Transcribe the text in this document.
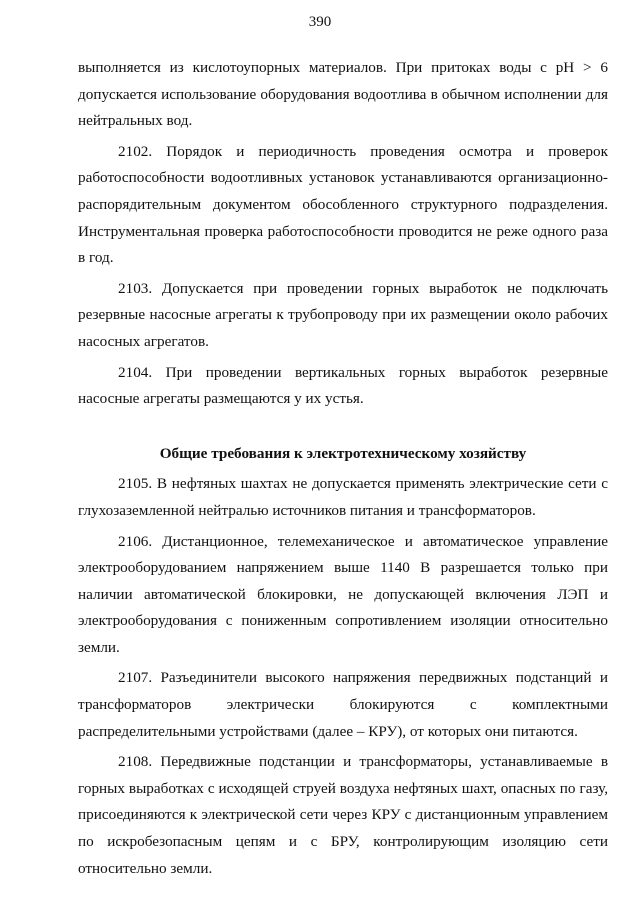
390

выполняется из кислотоупорных материалов. При притоках воды с pH > 6 допускается использование оборудования водоотлива в обычном исполнении для нейтральных вод.

2102. Порядок и периодичность проведения осмотра и проверок работоспособности водоотливных установок устанавливаются организационно-распорядительным документом обособленного структурного подразделения. Инструментальная проверка работоспособности проводится не реже одного раза в год.

2103. Допускается при проведении горных выработок не подключать резервные насосные агрегаты к трубопроводу при их размещении около рабочих насосных агрегатов.

2104. При проведении вертикальных горных выработок резервные насосные агрегаты размещаются у их устья.

Общие требования к электротехническому хозяйству

2105. В нефтяных шахтах не допускается применять электрические сети с глухозаземленной нейтралью источников питания и трансформаторов.

2106. Дистанционное, телемеханическое и автоматическое управление электрооборудованием напряжением выше 1140 В разрешается только при наличии автоматической блокировки, не допускающей включения ЛЭП и электрооборудования с пониженным сопротивлением изоляции относительно земли.

2107. Разъединители высокого напряжения передвижных подстанций и трансформаторов электрически блокируются с комплектными распределительными устройствами (далее – КРУ), от которых они питаются.

2108. Передвижные подстанции и трансформаторы, устанавливаемые в горных выработках с исходящей струей воздуха нефтяных шахт, опасных по газу, присоединяются к электрической сети через КРУ с дистанционным управлением по искробезопасным цепям и с БРУ, контролирующим изоляцию сети относительно земли.
